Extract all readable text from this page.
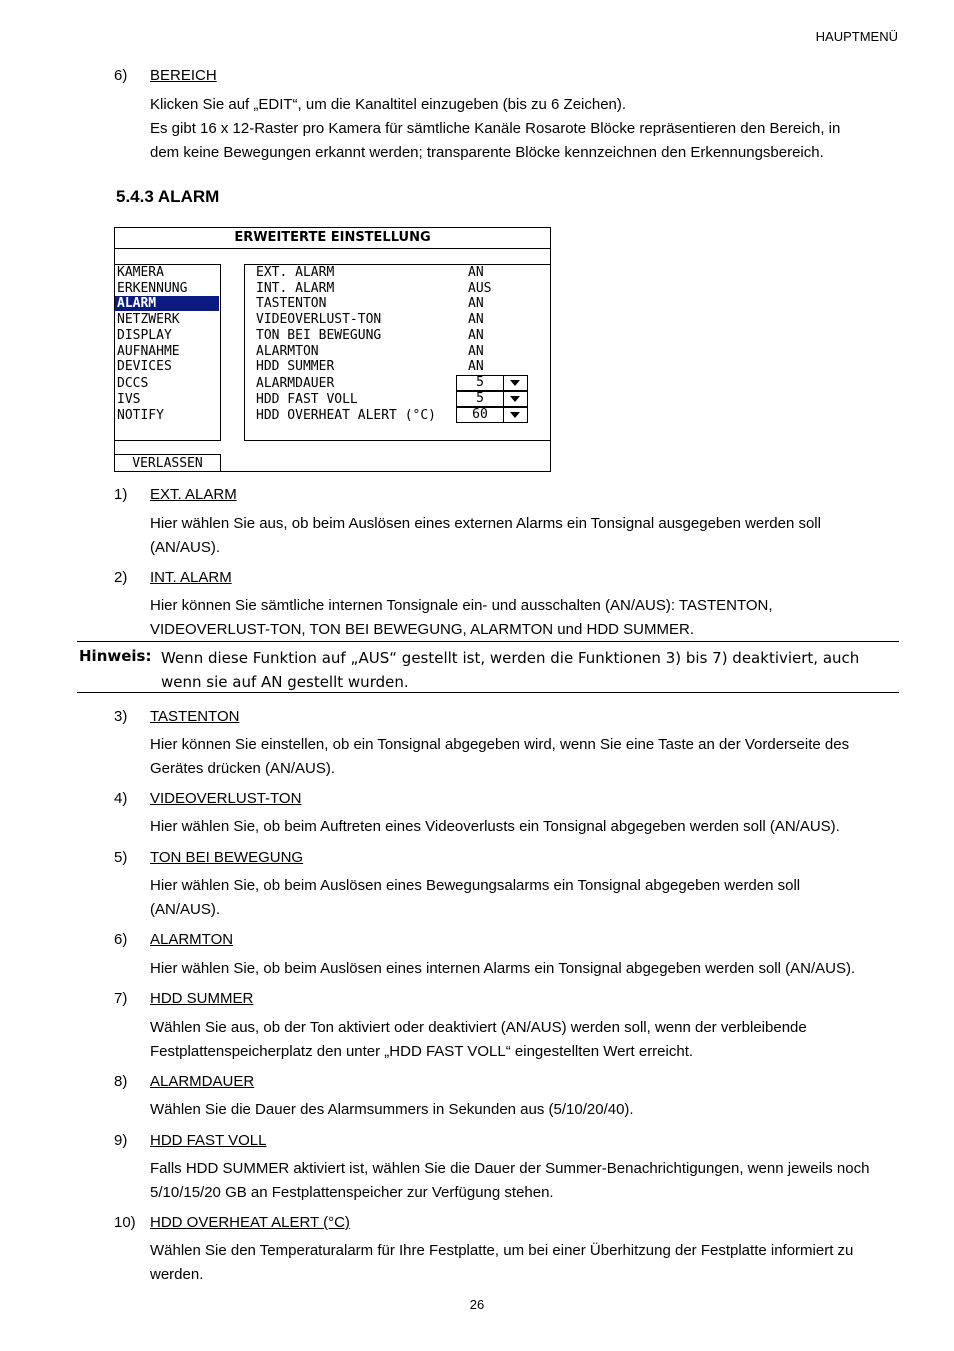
HAUPTMENÜ
6) BEREICH
Klicken Sie auf „EDIT“, um die Kanaltitel einzugeben (bis zu 6 Zeichen).
Es gibt 16 x 12-Raster pro Kamera für sämtliche Kanäle Rosarote Blöcke repräsentieren den Bereich, in
dem keine Bewegungen erkannt werden; transparente Blöcke kennzeichnen den Erkennungsbereich.
5.4.3 ALARM
ERWEITERTE EINSTELLUNG
KAMERA
ERKENNUNG
ALARM
NETZWERK
DISPLAY
AUFNAHME
DEVICES
DCCS
IVS
NOTIFY
EXT. ALARM	AN
INT. ALARM	AUS
TASTENTON	AN
VIDEOVERLUST-TON	AN
TON BEI BEWEGUNG	AN
ALARMTON	AN
HDD SUMMER	AN
ALARMDAUER	5
HDD FAST VOLL	5
HDD OVERHEAT ALERT (°C)	60
VERLASSEN
1) EXT. ALARM
Hier wählen Sie aus, ob beim Auslösen eines externen Alarms ein Tonsignal ausgegeben werden soll
(AN/AUS).
2) INT. ALARM
Hier können Sie sämtliche internen Tonsignale ein- und ausschalten (AN/AUS): TASTENTON,
VIDEOVERLUST-TON, TON BEI BEWEGUNG, ALARMTON und HDD SUMMER.
Hinweis: Wenn diese Funktion auf „AUS“ gestellt ist, werden die Funktionen 3) bis 7) deaktiviert, auch
wenn sie auf AN gestellt wurden.
3) TASTENTON
Hier können Sie einstellen, ob ein Tonsignal abgegeben wird, wenn Sie eine Taste an der Vorderseite des
Gerätes drücken (AN/AUS).
4) VIDEOVERLUST-TON
Hier wählen Sie, ob beim Auftreten eines Videoverlusts ein Tonsignal abgegeben werden soll (AN/AUS).
5) TON BEI BEWEGUNG
Hier wählen Sie, ob beim Auslösen eines Bewegungsalarms ein Tonsignal abgegeben werden soll
(AN/AUS).
6) ALARMTON
Hier wählen Sie, ob beim Auslösen eines internen Alarms ein Tonsignal abgegeben werden soll (AN/AUS).
7) HDD SUMMER
Wählen Sie aus, ob der Ton aktiviert oder deaktiviert (AN/AUS) werden soll, wenn der verbleibende
Festplattenspeicherplatz den unter „HDD FAST VOLL“ eingestellten Wert erreicht.
8) ALARMDAUER
Wählen Sie die Dauer des Alarmsummers in Sekunden aus (5/10/20/40).
9) HDD FAST VOLL
Falls HDD SUMMER aktiviert ist, wählen Sie die Dauer der Summer-Benachrichtigungen, wenn jeweils noch
5/10/15/20 GB an Festplattenspeicher zur Verfügung stehen.
10) HDD OVERHEAT ALERT (°C)
Wählen Sie den Temperaturalarm für Ihre Festplatte, um bei einer Überhitzung der Festplatte informiert zu
werden.
26
